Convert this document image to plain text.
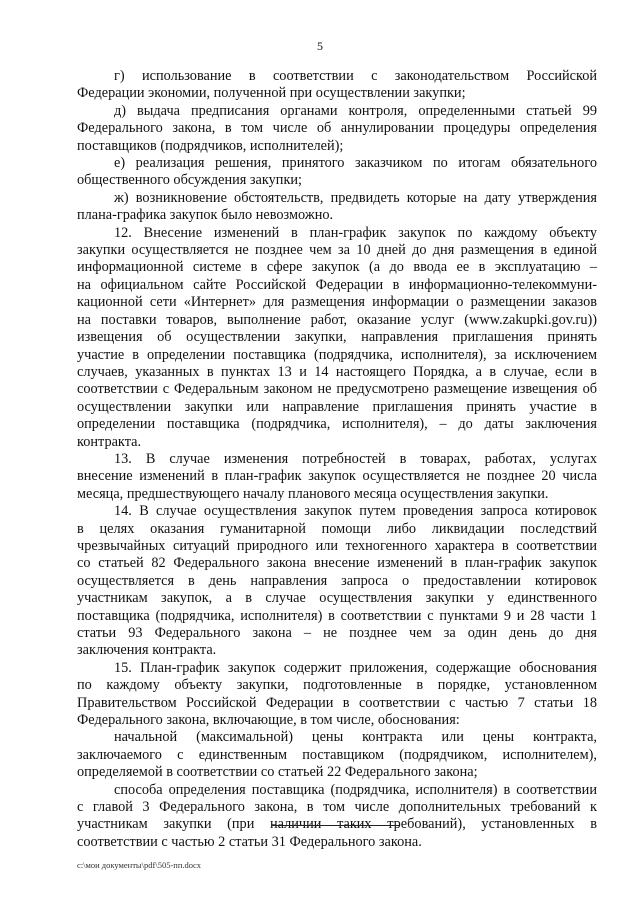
5
г) использование в соответствии с законодательством Российской
Федерации экономии, полученной при осуществлении закупки;
д) выдача предписания органами контроля, определенными статьей 99
Федерального закона, в том числе об аннулировании процедуры определения
поставщиков (подрядчиков, исполнителей);
е) реализация решения, принятого заказчиком по итогам обязательного
общественного обсуждения закупки;
ж) возникновение обстоятельств, предвидеть которые на дату утверждения
плана-графика закупок было невозможно.
12. Внесение изменений в план-график закупок по каждому объекту
закупки осуществляется не позднее чем за 10 дней до дня размещения в единой
информационной системе в сфере закупок (а до ввода ее в эксплуатацию –
на официальном сайте Российской Федерации в информационно-телекоммуни-
кационной сети «Интернет» для размещения информации о размещении заказов
на поставки товаров, выполнение работ, оказание услуг (www.zakupki.gov.ru))
извещения об осуществлении закупки, направления приглашения принять
участие в определении поставщика (подрядчика, исполнителя), за исключением
случаев, указанных в пунктах 13 и 14 настоящего Порядка, а в случае, если в
соответствии с Федеральным законом не предусмотрено размещение извещения об
осуществлении закупки или направление приглашения принять участие в
определении поставщика (подрядчика, исполнителя), – до даты заключения
контракта.
13. В случае изменения потребностей в товарах, работах, услугах
внесение изменений в план-график закупок осуществляется не позднее 20 числа
месяца, предшествующего началу планового месяца осуществления закупки.
14. В случае осуществления закупок путем проведения запроса котировок
в целях оказания гуманитарной помощи либо ликвидации последствий
чрезвычайных ситуаций природного или техногенного характера в соответствии
со статьей 82 Федерального закона внесение изменений в план-график закупок
осуществляется в день направления запроса о предоставлении котировок
участникам закупок, а в случае осуществления закупки у единственного
поставщика (подрядчика, исполнителя) в соответствии с пунктами 9 и 28 части 1
статьи 93 Федерального закона – не позднее чем за один день до дня
заключения контракта.
15. План-график закупок содержит приложения, содержащие обоснования
по каждому объекту закупки, подготовленные в порядке, установленном
Правительством Российской Федерации в соответствии с частью 7 статьи 18
Федерального закона, включающие, в том числе, обоснования:
начальной (максимальной) цены контракта или цены контракта,
заключаемого с единственным поставщиком (подрядчиком, исполнителем),
определяемой в соответствии со статьей 22 Федерального закона;
способа определения поставщика (подрядчика, исполнителя) в соответствии
с главой 3 Федерального закона, в том числе дополнительных требований к
участникам закупки (при наличии таких требований), установленных в
соответствии с частью 2 статьи 31 Федерального закона.
с:\мои документы\pdf\505-пп.docx
